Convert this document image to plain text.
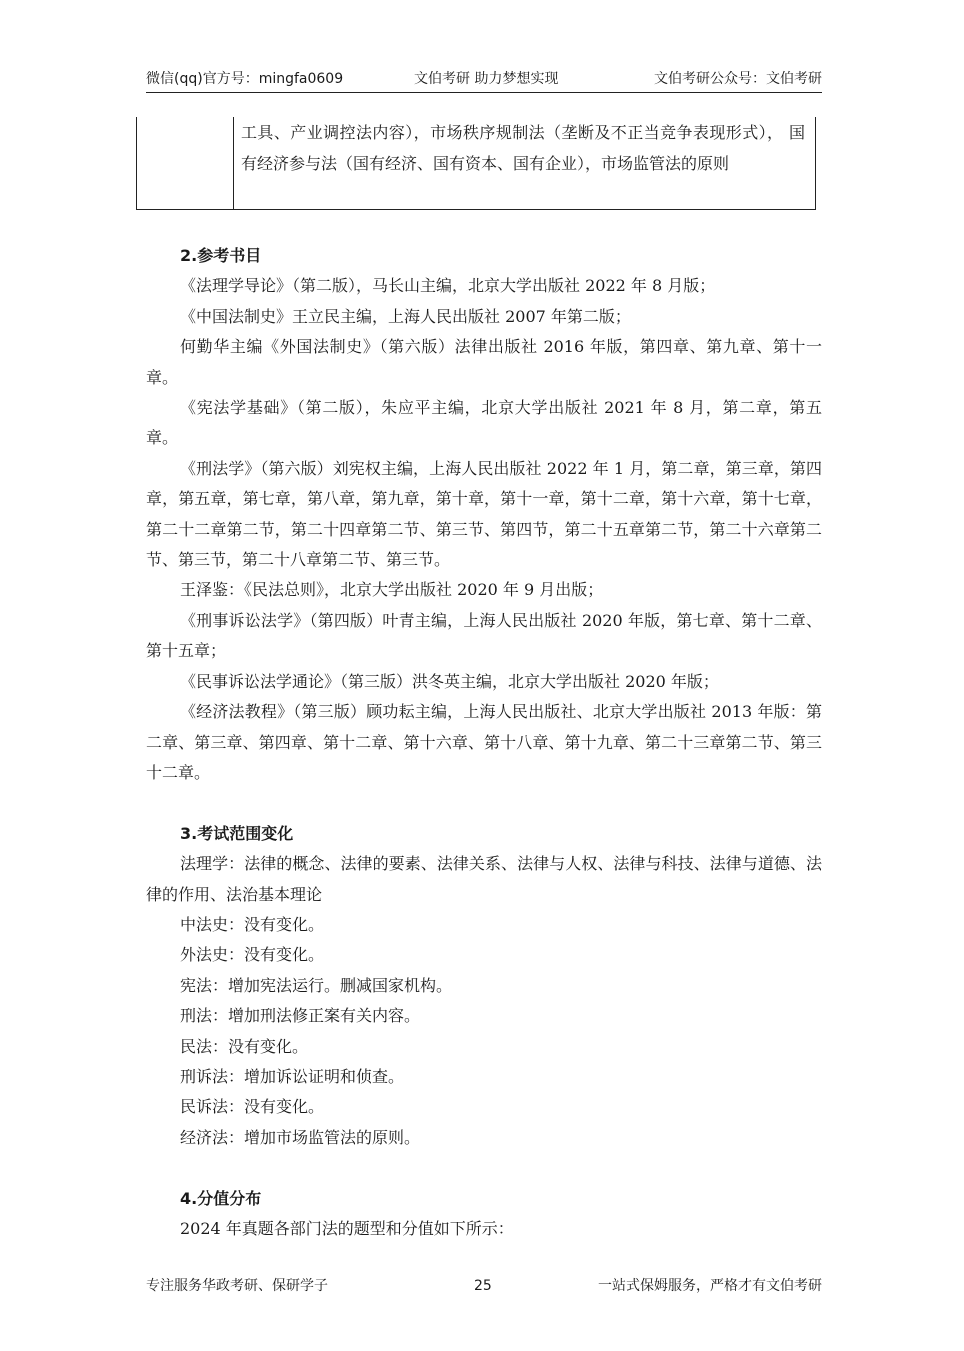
微信(qq)官方号：mingfa0609	文伯考研 助力梦想实现	文伯考研公众号：文伯考研
工具、产业调控法内容），市场秩序规制法（垄断及不正当竞争表现形式）， 国有经济参与法（国有经济、国有资本、国有企业），市场监管法的原则

2.参考书目

《法理学导论》（第二版），马长山主编，北京大学出版社 2022 年 8 月版；

《中国法制史》王立民主编，上海人民出版社 2007 年第二版；

何勤华主编《外国法制史》（第六版）法律出版社 2016 年版，第四章、第九章、第十一章。

《宪法学基础》（第二版），朱应平主编，北京大学出版社 2021 年 8 月，第二章，第五章。

《刑法学》（第六版）刘宪权主编，上海人民出版社 2022 年 1 月，第二章，第三章，第四章，第五章，第七章，第八章，第九章，第十章，第十一章，第十二章，第十六章，第十七章，第二十二章第二节，第二十四章第二节、第三节、第四节，第二十五章第二节，第二十六章第二节、第三节，第二十八章第二节、第三节。

王泽鉴：《民法总则》，北京大学出版社 2020 年 9 月出版；

《刑事诉讼法学》（第四版）叶青主编，上海人民出版社 2020 年版，第七章、第十二章、第十五章；

《民事诉讼法学通论》（第三版）洪冬英主编，北京大学出版社 2020 年版；

《经济法教程》（第三版）顾功耘主编，上海人民出版社、北京大学出版社 2013 年版：第二章、第三章、第四章、第十二章、第十六章、第十八章、第十九章、第二十三章第二节、第三十二章。

3.考试范围变化

法理学：法律的概念、法律的要素、法律关系、法律与人权、法律与科技、法律与道德、法律的作用、法治基本理论

中法史：没有变化。

外法史：没有变化。

宪法：增加宪法运行。删减国家机构。

刑法：增加刑法修正案有关内容。

民法：没有变化。

刑诉法：增加诉讼证明和侦查。

民诉法：没有变化。

经济法：增加市场监管法的原则。

4.分值分布

2024 年真题各部门法的题型和分值如下所示：

专注服务华政考研、保研学子	25	一站式保姆服务，严格才有文伯考研
